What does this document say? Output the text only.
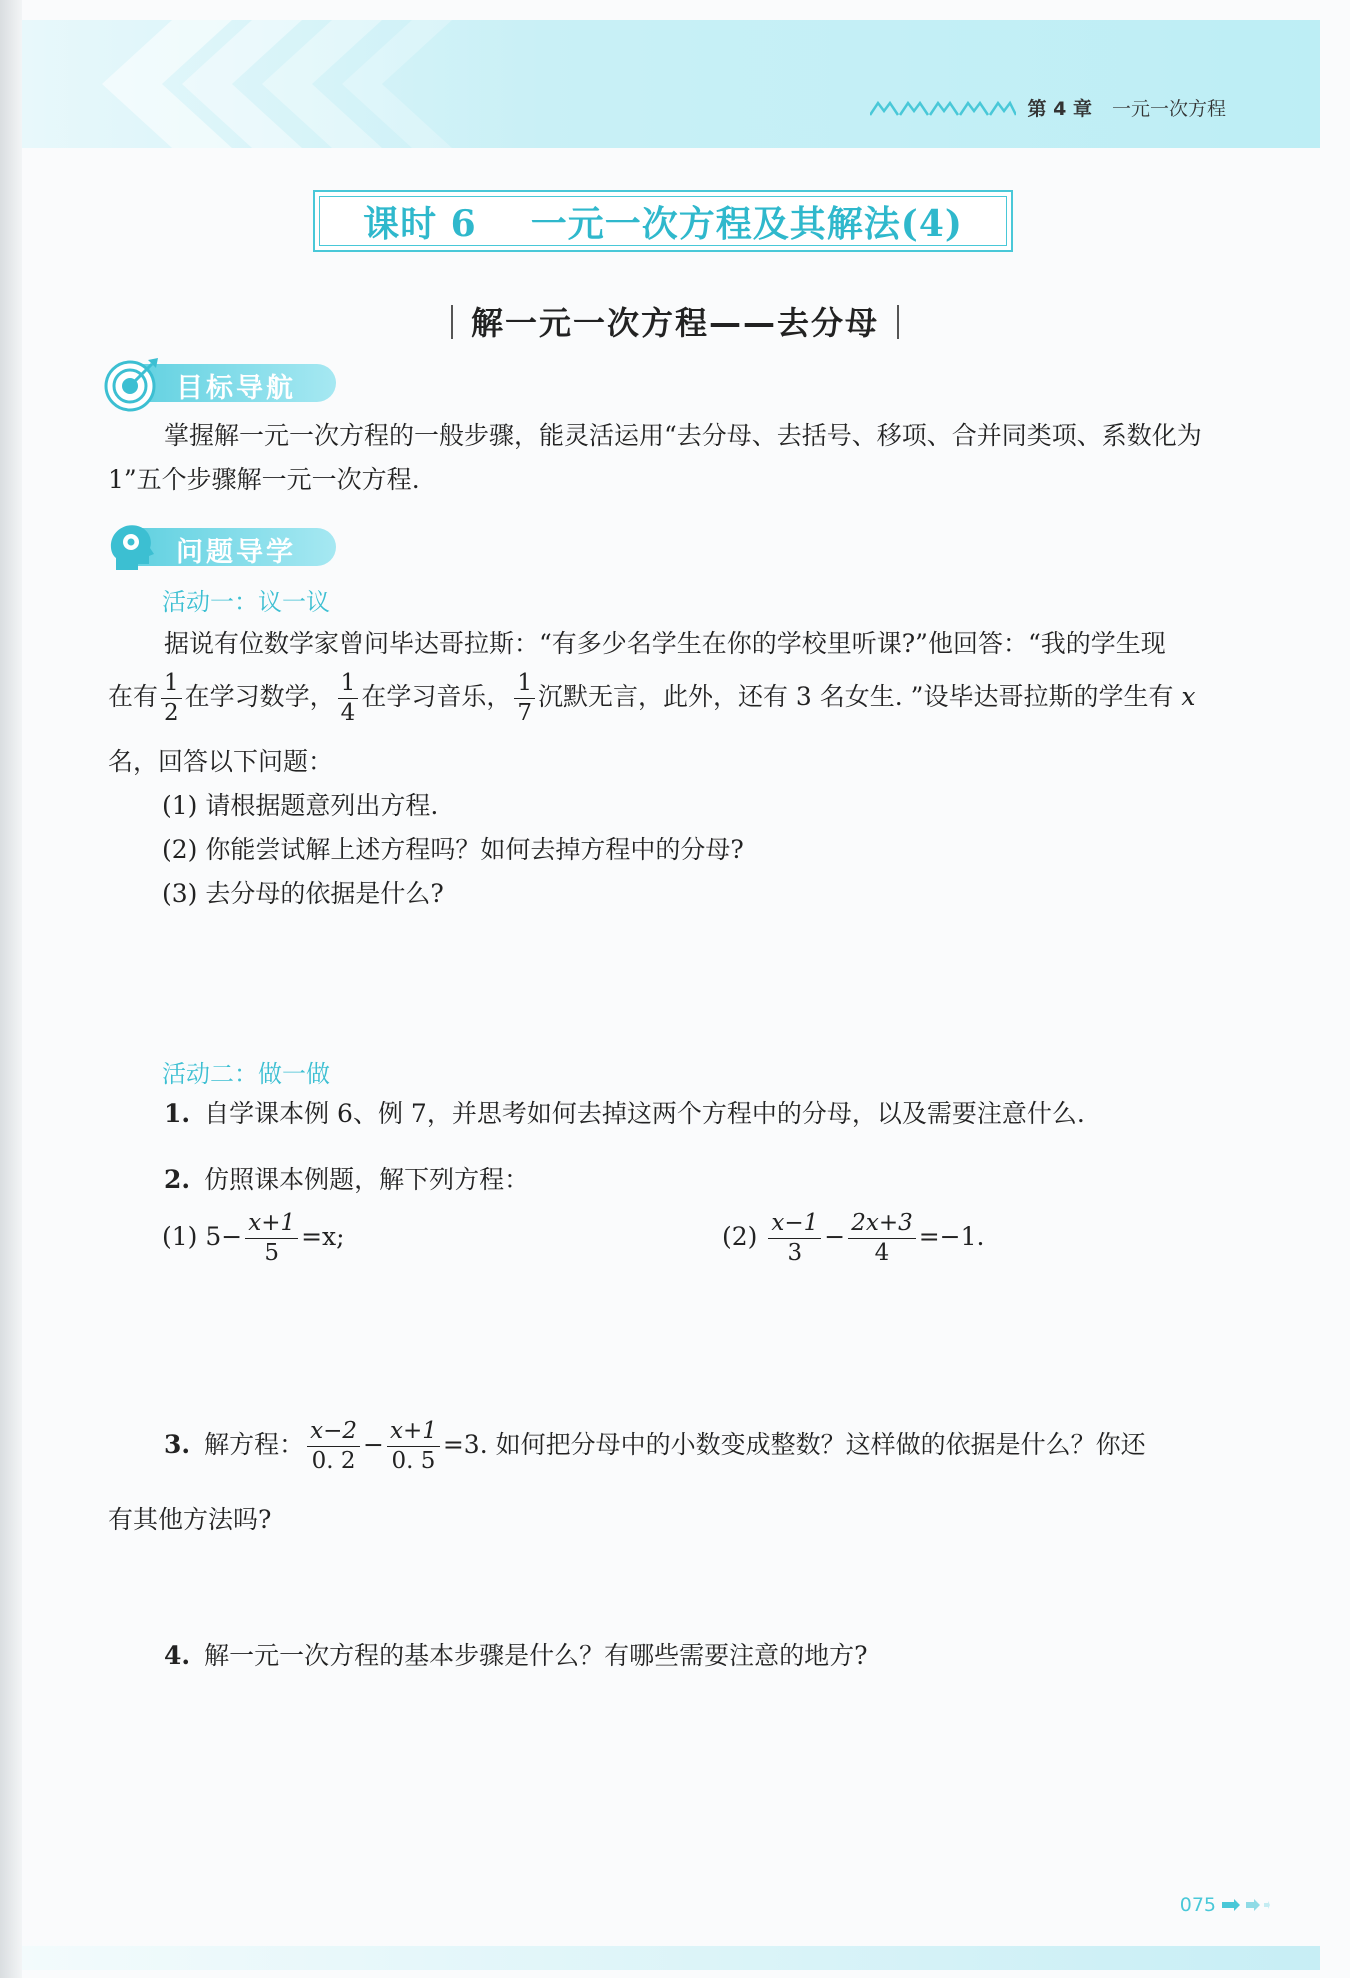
第 4 章 一元一次方程
课时 6    一元一次方程及其解法(4)
解一元一次方程——去分母
目标导航
掌握解一元一次方程的一般步骤，能灵活运用“去分母、去括号、移项、合并同类项、系数化为 1”五个步骤解一元一次方程.
问题导学
活动一：议一议
据说有位数学家曾问毕达哥拉斯：“有多少名学生在你的学校里听课?”他回答：“我的学生现
在有 $\frac{1}{2}$ 在学习数学， $\frac{1}{4}$ 在学习音乐， $\frac{1}{7}$ 沉默无言，此外，还有 3 名女生. ”设毕达哥拉斯的学生有 x
名，回答以下问题：
(1) 请根据题意列出方程.
(2) 你能尝试解上述方程吗？如何去掉方程中的分母?
(3) 去分母的依据是什么?
活动二：做一做
1. 自学课本例 6、例 7，并思考如何去掉这两个方程中的分母，以及需要注意什么.
2. 仿照课本例题，解下列方程：
(1) $5- \frac{x+1}{5} =x$;	$(2) \frac{x-1}{3} - \frac{2x+3}{4} =-1$.
3. 解方程： $\frac{x-2}{0. 2} - \frac{x+1}{0. 5} =3$. 如何把分母中的小数变成整数？这样做的依据是什么？你还
有其他方法吗?
4. 解一元一次方程的基本步骤是什么？有哪些需要注意的地方?
075
